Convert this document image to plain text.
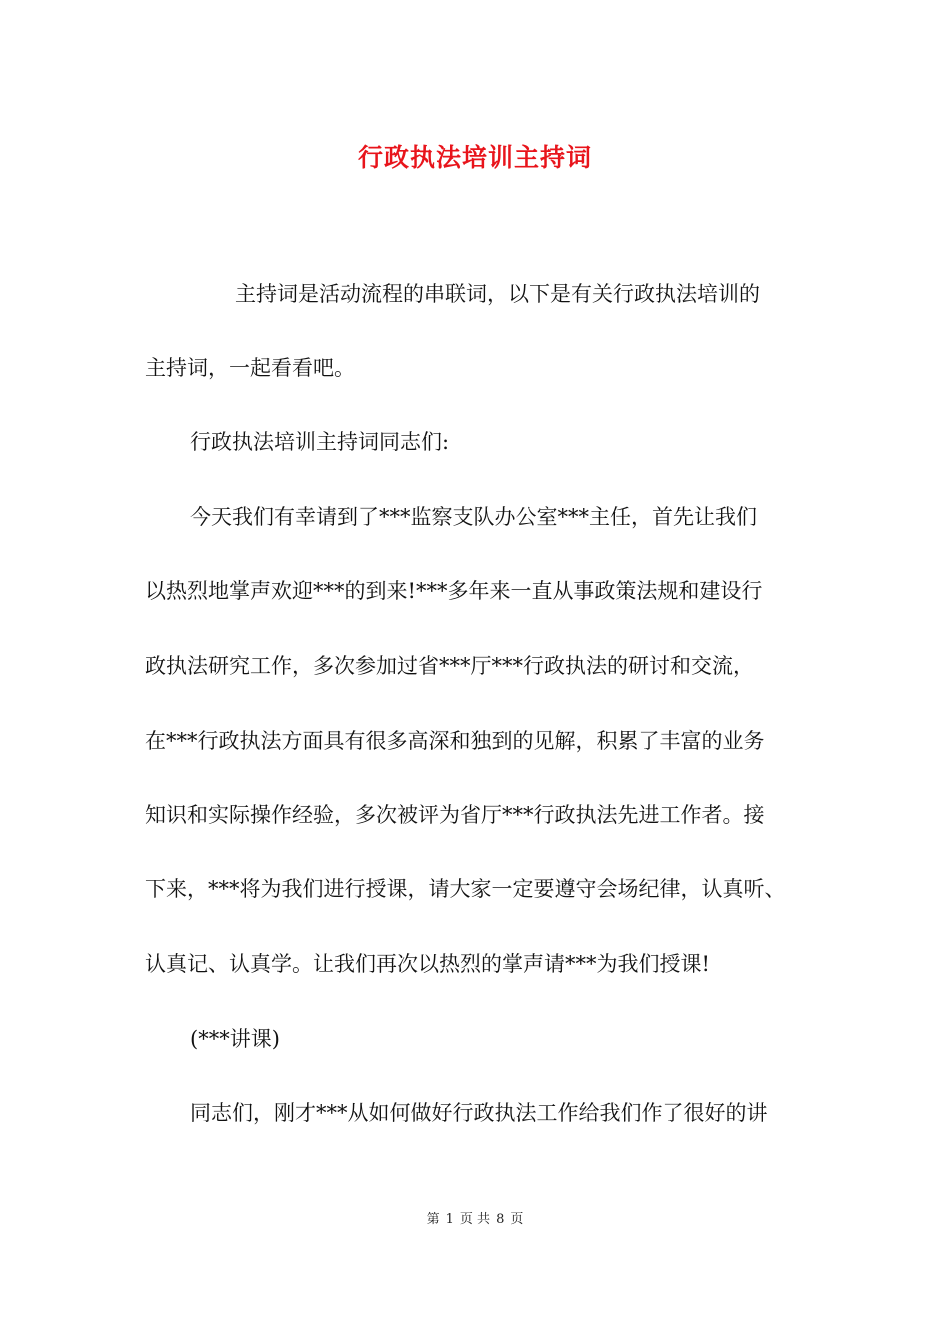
行政执法培训主持词
主持词是活动流程的串联词，以下是有关行政执法培训的
主持词，一起看看吧。
行政执法培训主持词同志们:
今天我们有幸请到了***监察支队办公室***主任，首先让我们
以热烈地掌声欢迎***的到来!***多年来一直从事政策法规和建设行
政执法研究工作，多次参加过省***厅***行政执法的研讨和交流，
在***行政执法方面具有很多高深和独到的见解，积累了丰富的业务
知识和实际操作经验，多次被评为省厅***行政执法先进工作者。接
下来，***将为我们进行授课，请大家一定要遵守会场纪律，认真听、
认真记、认真学。让我们再次以热烈的掌声请***为我们授课!
(***讲课)
同志们，刚才***从如何做好行政执法工作给我们作了很好的讲
第 1 页 共 8 页
